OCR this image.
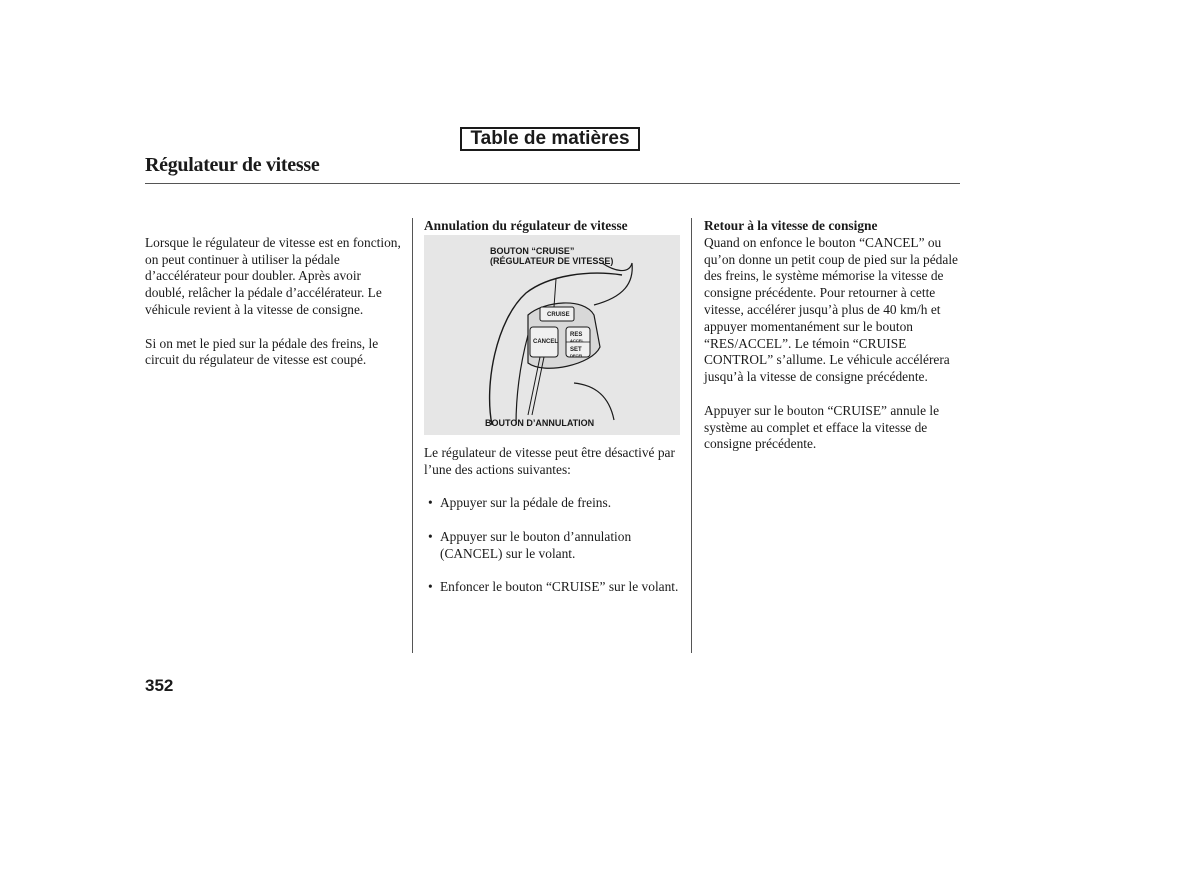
Table de matières
Régulateur de vitesse

Lorsque le régulateur de vitesse est en fonction, on peut continuer à utiliser la pédale d’accélérateur pour doubler. Après avoir doublé, relâcher la pédale d’accélérateur. Le véhicule revient à la vitesse de consigne.

Si on met le pied sur la pédale des freins, le circuit du régulateur de vitesse est coupé.

Annulation du régulateur de vitesse

BOUTON “CRUISE”
(RÉGULATEUR DE VITESSE)
CRUISE
CANCEL
RES
ACCEL
SET
DECEL
BOUTON D’ANNULATION

Le régulateur de vitesse peut être désactivé par l’une des actions suivantes:

• Appuyer sur la pédale de freins.
• Appuyer sur le bouton d’annulation (CANCEL) sur le volant.
• Enfoncer le bouton “CRUISE” sur le volant.

Retour à la vitesse de consigne

Quand on enfonce le bouton “CANCEL” ou qu’on donne un petit coup de pied sur la pédale des freins, le système mémorise la vitesse de consigne précédente. Pour retourner à cette vitesse, accélérer jusqu’à plus de 40 km/h et appuyer momentanément sur le bouton “RES/ACCEL”. Le témoin “CRUISE CONTROL” s’allume. Le véhicule accélérera jusqu’à la vitesse de consigne précédente.

Appuyer sur le bouton “CRUISE” annule le système au complet et efface la vitesse de consigne précédente.

352
